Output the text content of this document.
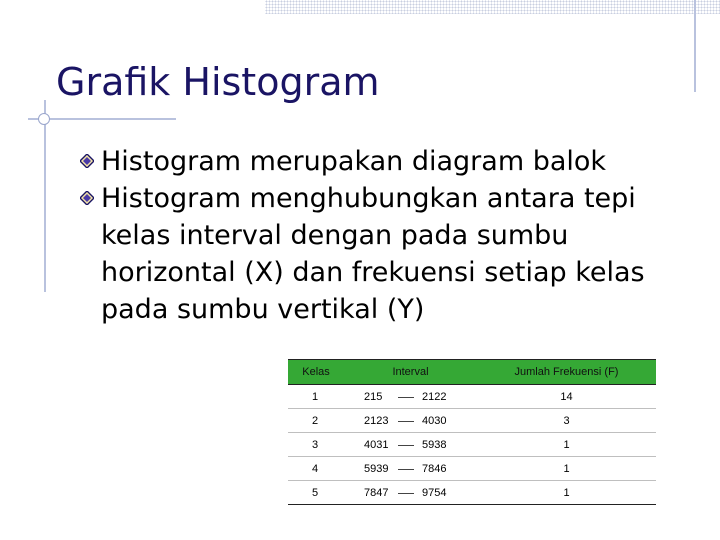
Grafik Histogram
Histogram merupakan diagram balok
Histogram menghubungkan antara tepi kelas interval dengan pada sumbu horizontal (X) dan frekuensi setiap kelas pada sumbu vertikal (Y)
Kelas	Interval	Jumlah Frekuensi (F)
1	215 2122	14
2	2123 4030	3
3	4031 5938	1
4	5939 7846	1
5	7847 9754	1
